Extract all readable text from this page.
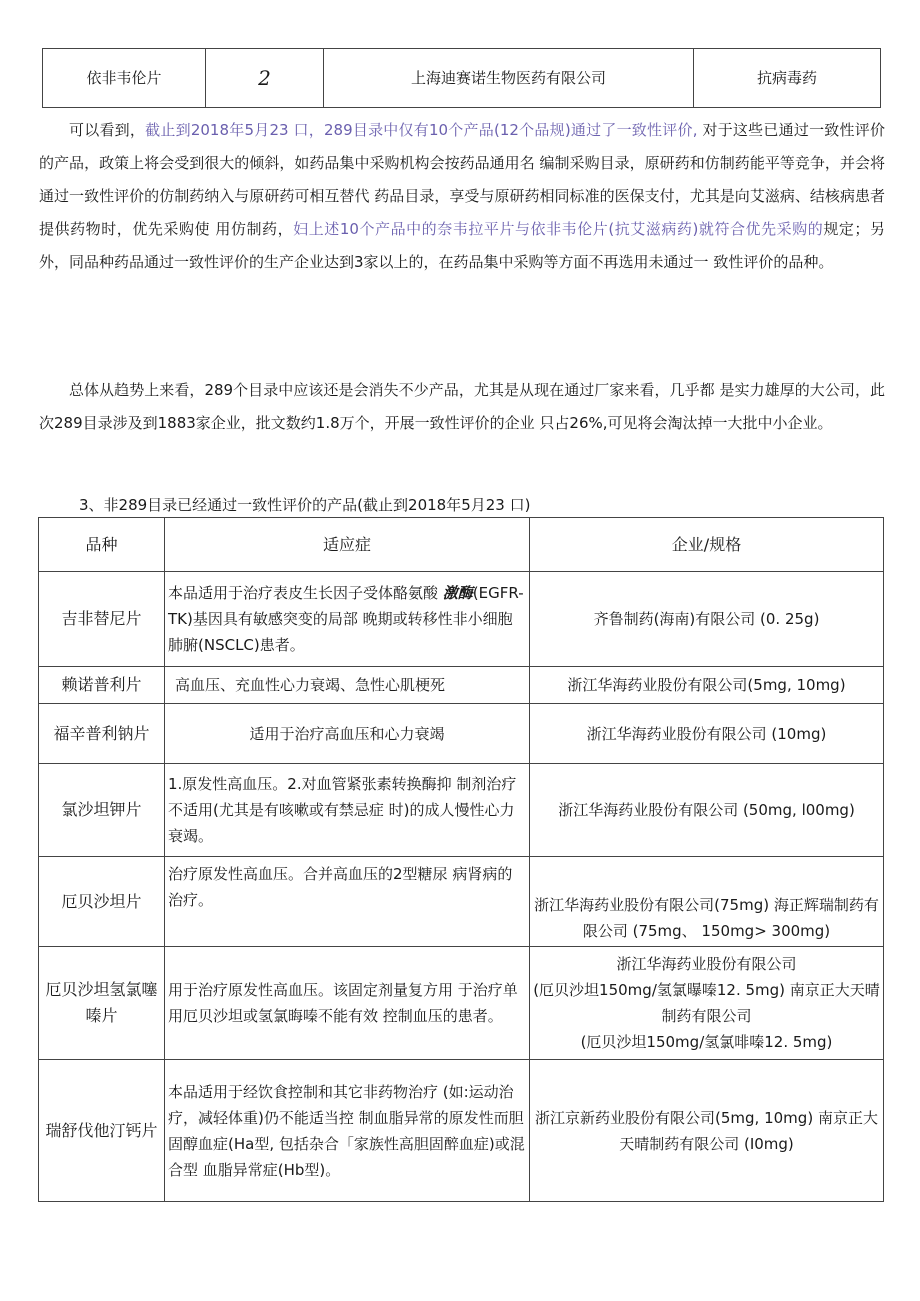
依非韦伦片	2	上海迪赛诺生物医药有限公司	抗病毒药

可以看到，截止到2018年5月23 口，289目录中仅有10个产品(12个品规)通过了一致性评价, 对于这些已通过一致性评价的产品，政策上将会受到很大的倾斜，如药品集中采购机构会按药品通用名 编制采购目录，原研药和仿制药能平等竞争，并会将通过一致性评价的仿制药纳入与原研药可相互替代 药品目录，享受与原研药相同标准的医保支付，尤其是向艾滋病、结核病患者提供药物时，优先采购使 用仿制药，妇上述10个产品中的奈韦拉平片与依非韦伦片(抗艾滋病药)就符合优先采购的规定；另 外，同品种药品通过一致性评价的生产企业达到3家以上的，在药品集中采购等方面不再选用未通过一 致性评价的品种。

总体从趋势上来看，289个目录中应该还是会消失不少产品，尤其是从现在通过厂家来看，几乎都 是实力雄厚的大公司，此次289目录涉及到1883家企业，批文数约1.8万个，开展一致性评价的企业 只占26%,可见将会淘汰掉一大批中小企业。

3、非289目录已经通过一致性评价的产品(截止到2018年5月23 口)

品种	适应症	企业/规格
吉非替尼片	本品适用于治疗表皮生长因子受体酪氨酸 激酶(EGFR-TK)基因具有敏感突变的局部 晚期或转移性非小细胞肺腑(NSCLC)患者。	齐鲁制药(海南)有限公司 (0. 25g)
赖诺普利片	高血压、充血性心力衰竭、急性心肌梗死	浙江华海药业股份有限公司(5mg, 10mg)
福辛普利钠片	适用于治疗高血压和心力衰竭	浙江华海药业股份有限公司 (10mg)
氯沙坦钾片	1.原发性高血压。2.对血管紧张素转换酶抑 制剂治疗不适用(尤其是有咳嗽或有禁忌症 时)的成人慢性心力衰竭。	浙江华海药业股份有限公司 (50mg, l00mg)
厄贝沙坦片	治疗原发性高血压。合并高血压的2型糖尿 病肾病的治疗。	浙江华海药业股份有限公司(75mg) 海正辉瑞制药有限公司 (75mg、 150mg> 300mg)
厄贝沙坦氢氯噻嗪片	用于治疗原发性高血压。该固定剂量复方用 于治疗单用厄贝沙坦或氢氯晦嗪不能有效 控制血压的患者。	浙江华海药业股份有限公司
(厄贝沙坦150mg/氢氯曝嗪12. 5mg) 南京正大天晴制药有限公司
(厄贝沙坦150mg/氢氯啡嗪12. 5mg)

瑞舒伐他汀钙片	本品适用于经饮食控制和其它非药物治疗 (如:运动治疗，减轻体重)仍不能适当控 制血脂异常的原发性而胆固醇血症(Ha型, 包括杂合「家族性高胆固醉血症)或混合型 血脂异常症(Hb型)。	浙江京新药业股份有限公司(5mg, 10mg) 南京正大天晴制药有限公司 (I0mg)
